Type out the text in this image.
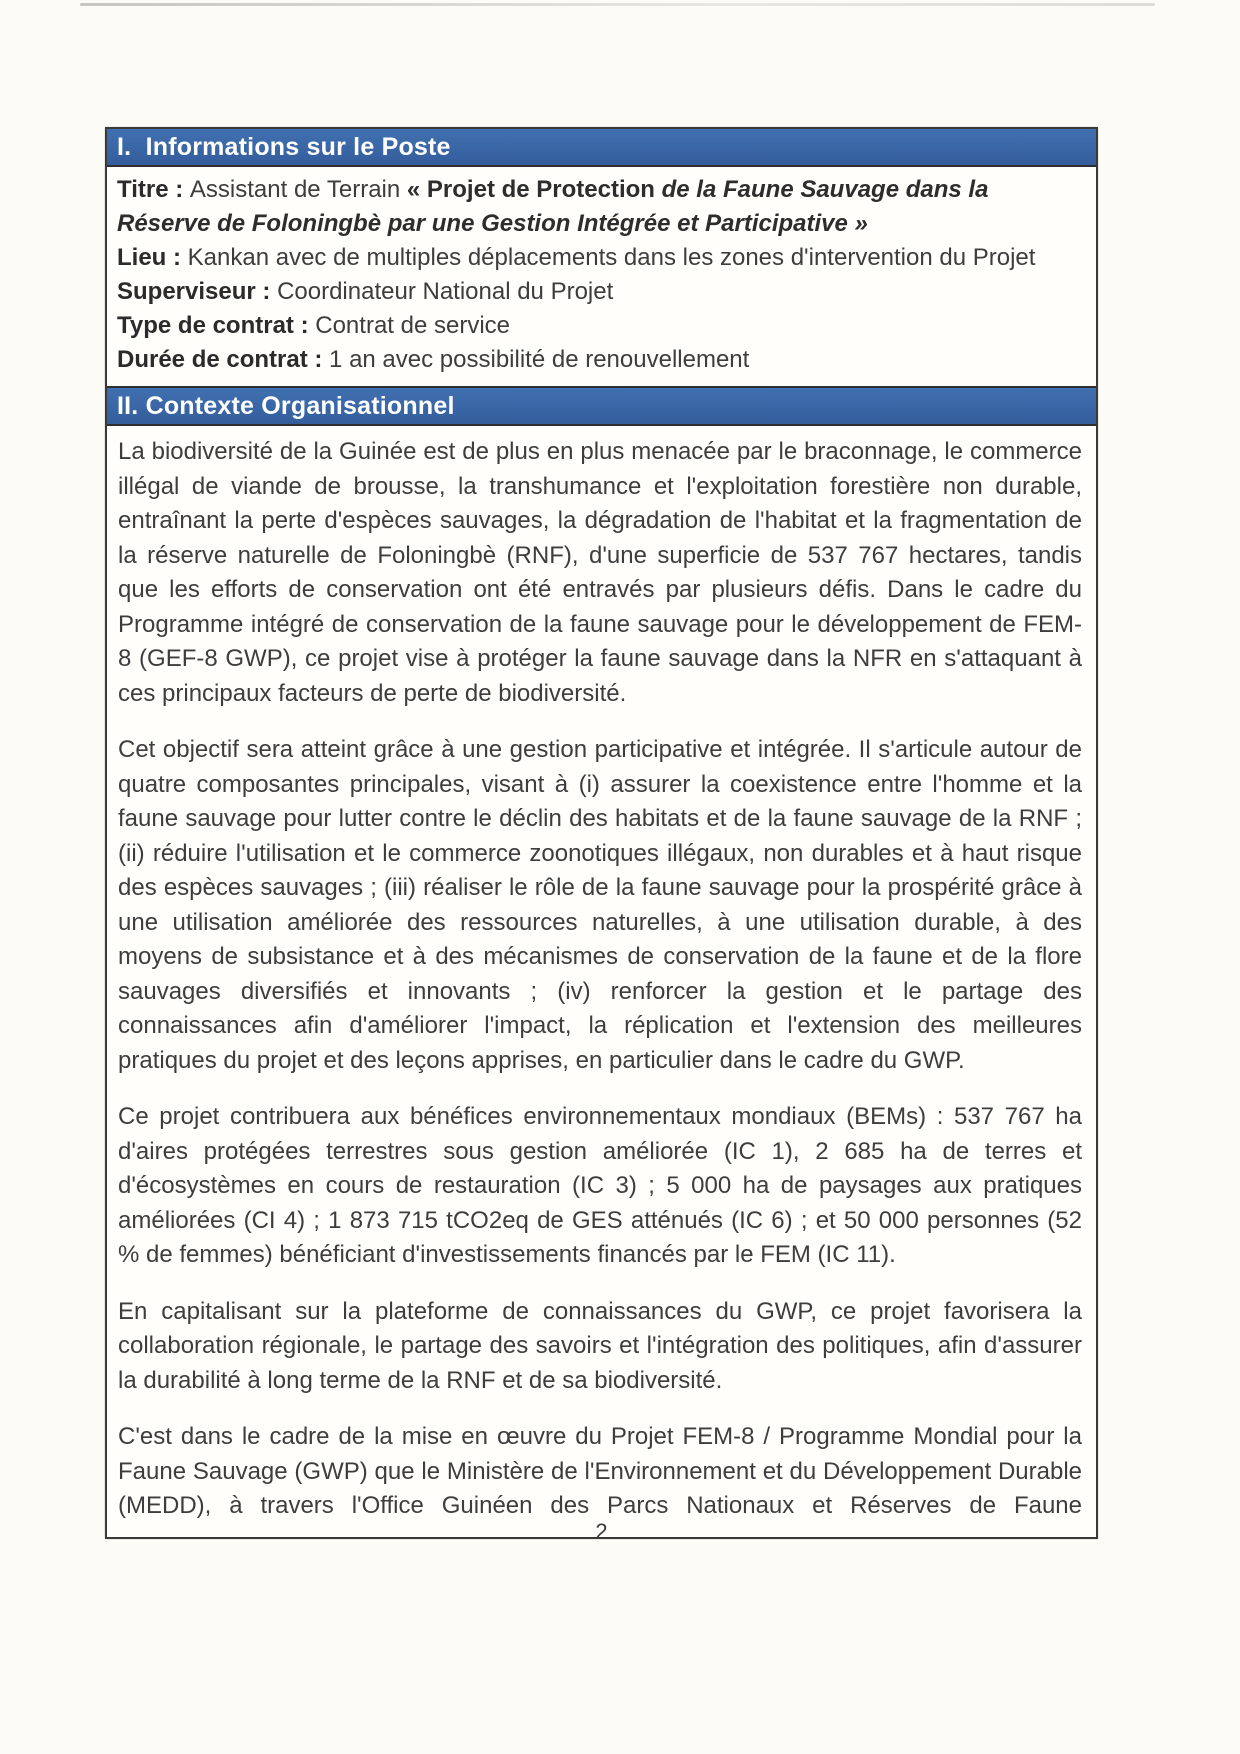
I.  Informations sur le Poste
Titre : Assistant de Terrain « Projet de Protection de la Faune Sauvage dans la Réserve de Foloningbè par une Gestion Intégrée et Participative »
Lieu : Kankan avec de multiples déplacements dans les zones d'intervention du Projet
Superviseur : Coordinateur National du Projet
Type de contrat : Contrat de service
Durée de contrat : 1 an avec possibilité de renouvellement
II. Contexte Organisationnel

La biodiversité de la Guinée est de plus en plus menacée par le braconnage, le commerce illégal de viande de brousse, la transhumance et l'exploitation forestière non durable, entraînant la perte d'espèces sauvages, la dégradation de l'habitat et la fragmentation de la réserve naturelle de Foloningbè (RNF), d'une superficie de 537 767 hectares, tandis que les efforts de conservation ont été entravés par plusieurs défis. Dans le cadre du Programme intégré de conservation de la faune sauvage pour le développement de FEM-8 (GEF-8 GWP), ce projet vise à protéger la faune sauvage dans la NFR en s'attaquant à ces principaux facteurs de perte de biodiversité.

Cet objectif sera atteint grâce à une gestion participative et intégrée. Il s'articule autour de quatre composantes principales, visant à (i) assurer la coexistence entre l'homme et la faune sauvage pour lutter contre le déclin des habitats et de la faune sauvage de la RNF ; (ii) réduire l'utilisation et le commerce zoonotiques illégaux, non durables et à haut risque des espèces sauvages ; (iii) réaliser le rôle de la faune sauvage pour la prospérité grâce à une utilisation améliorée des ressources naturelles, à une utilisation durable, à des moyens de subsistance et à des mécanismes de conservation de la faune et de la flore sauvages diversifiés et innovants ; (iv) renforcer la gestion et le partage des connaissances afin d'améliorer l'impact, la réplication et l'extension des meilleures pratiques du projet et des leçons apprises, en particulier dans le cadre du GWP.

Ce projet contribuera aux bénéfices environnementaux mondiaux (BEMs) : 537 767 ha d'aires protégées terrestres sous gestion améliorée (IC 1), 2 685 ha de terres et d'écosystèmes en cours de restauration (IC 3) ; 5 000 ha de paysages aux pratiques améliorées (CI 4) ; 1 873 715 tCO2eq de GES atténués (IC 6) ; et 50 000 personnes (52 % de femmes) bénéficiant d'investissements financés par le FEM (IC 11).

En capitalisant sur la plateforme de connaissances du GWP, ce projet favorisera la collaboration régionale, le partage des savoirs et l'intégration des politiques, afin d'assurer la durabilité à long terme de la RNF et de sa biodiversité.

C'est dans le cadre de la mise en œuvre du Projet FEM-8 / Programme Mondial pour la Faune Sauvage (GWP) que le Ministère de l'Environnement et du Développement Durable (MEDD), à travers l'Office Guinéen des Parcs Nationaux et Réserves de Faune

2
